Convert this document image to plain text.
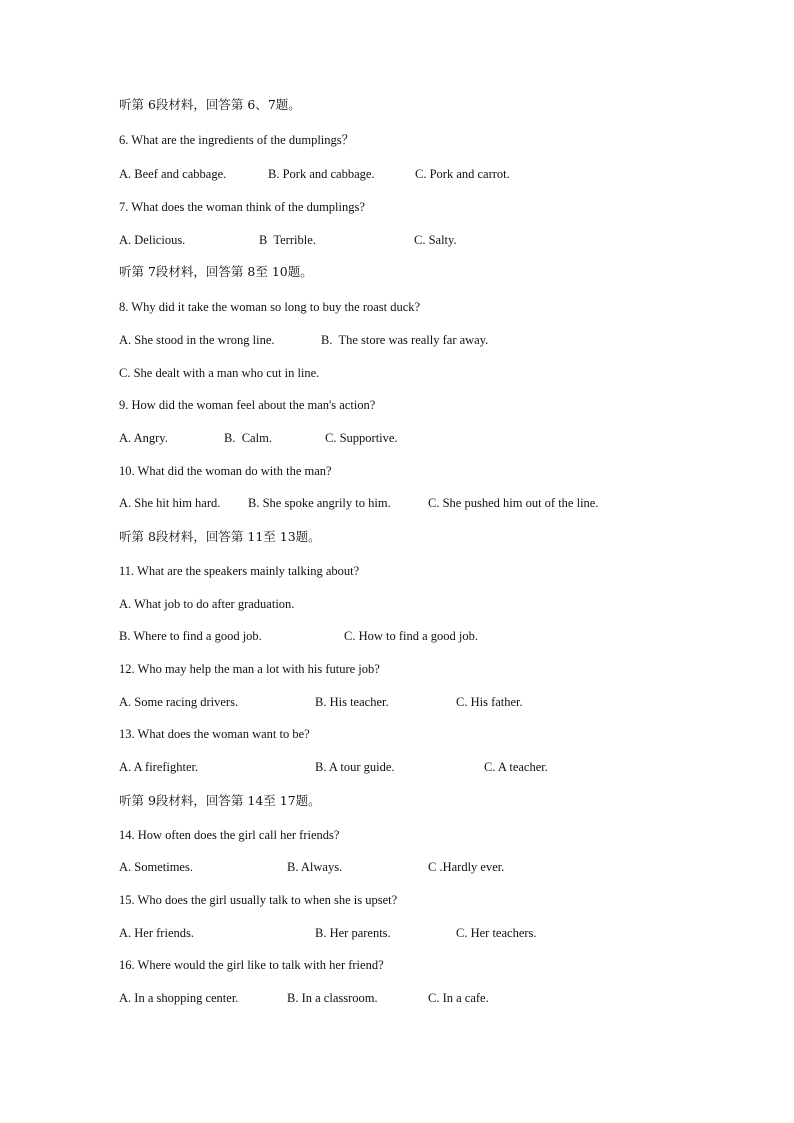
听第 6段材料，回答第 6、7题。
6. What are the ingredients of the dumplings？
A. Beef and cabbage.	B. Pork and cabbage.	C. Pork and carrot.
7. What does the woman think of the dumplings?
A. Delicious.	B  Terrible.	C. Salty.
听第 7段材料，回答第 8至 10题。
8. Why did it take the woman so long to buy the roast duck?
A. She stood in the wrong line.	B.  The store was really far away.
C. She dealt with a man who cut in line.
9. How did the woman feel about the man's action?
A. Angry.	B.  Calm.	C. Supportive.
10. What did the woman do with the man?
A. She hit him hard. B. She spoke angrily to him.	C. She pushed him out of the line.
听第 8段材料，回答第 11至 13题。
11. What are the speakers mainly talking about?
A. What job to do after graduation.
B. Where to find a good job.	C. How to find a good job.
12. Who may help the man a lot with his future job?
A. Some racing drivers.	B. His teacher.	C. His father.
13. What does the woman want to be?
A. A firefighter.	B. A tour guide.	C. A teacher.
听第 9段材料，回答第 14至 17题。
14. How often does the girl call her friends?
A. Sometimes.	B. Always.	C .Hardly ever.
15. Who does the girl usually talk to when she is upset?
A. Her friends.	B. Her parents.	C. Her teachers.
16. Where would the girl like to talk with her friend?
A. In a shopping center.	B. In a classroom.	C. In a cafe.
